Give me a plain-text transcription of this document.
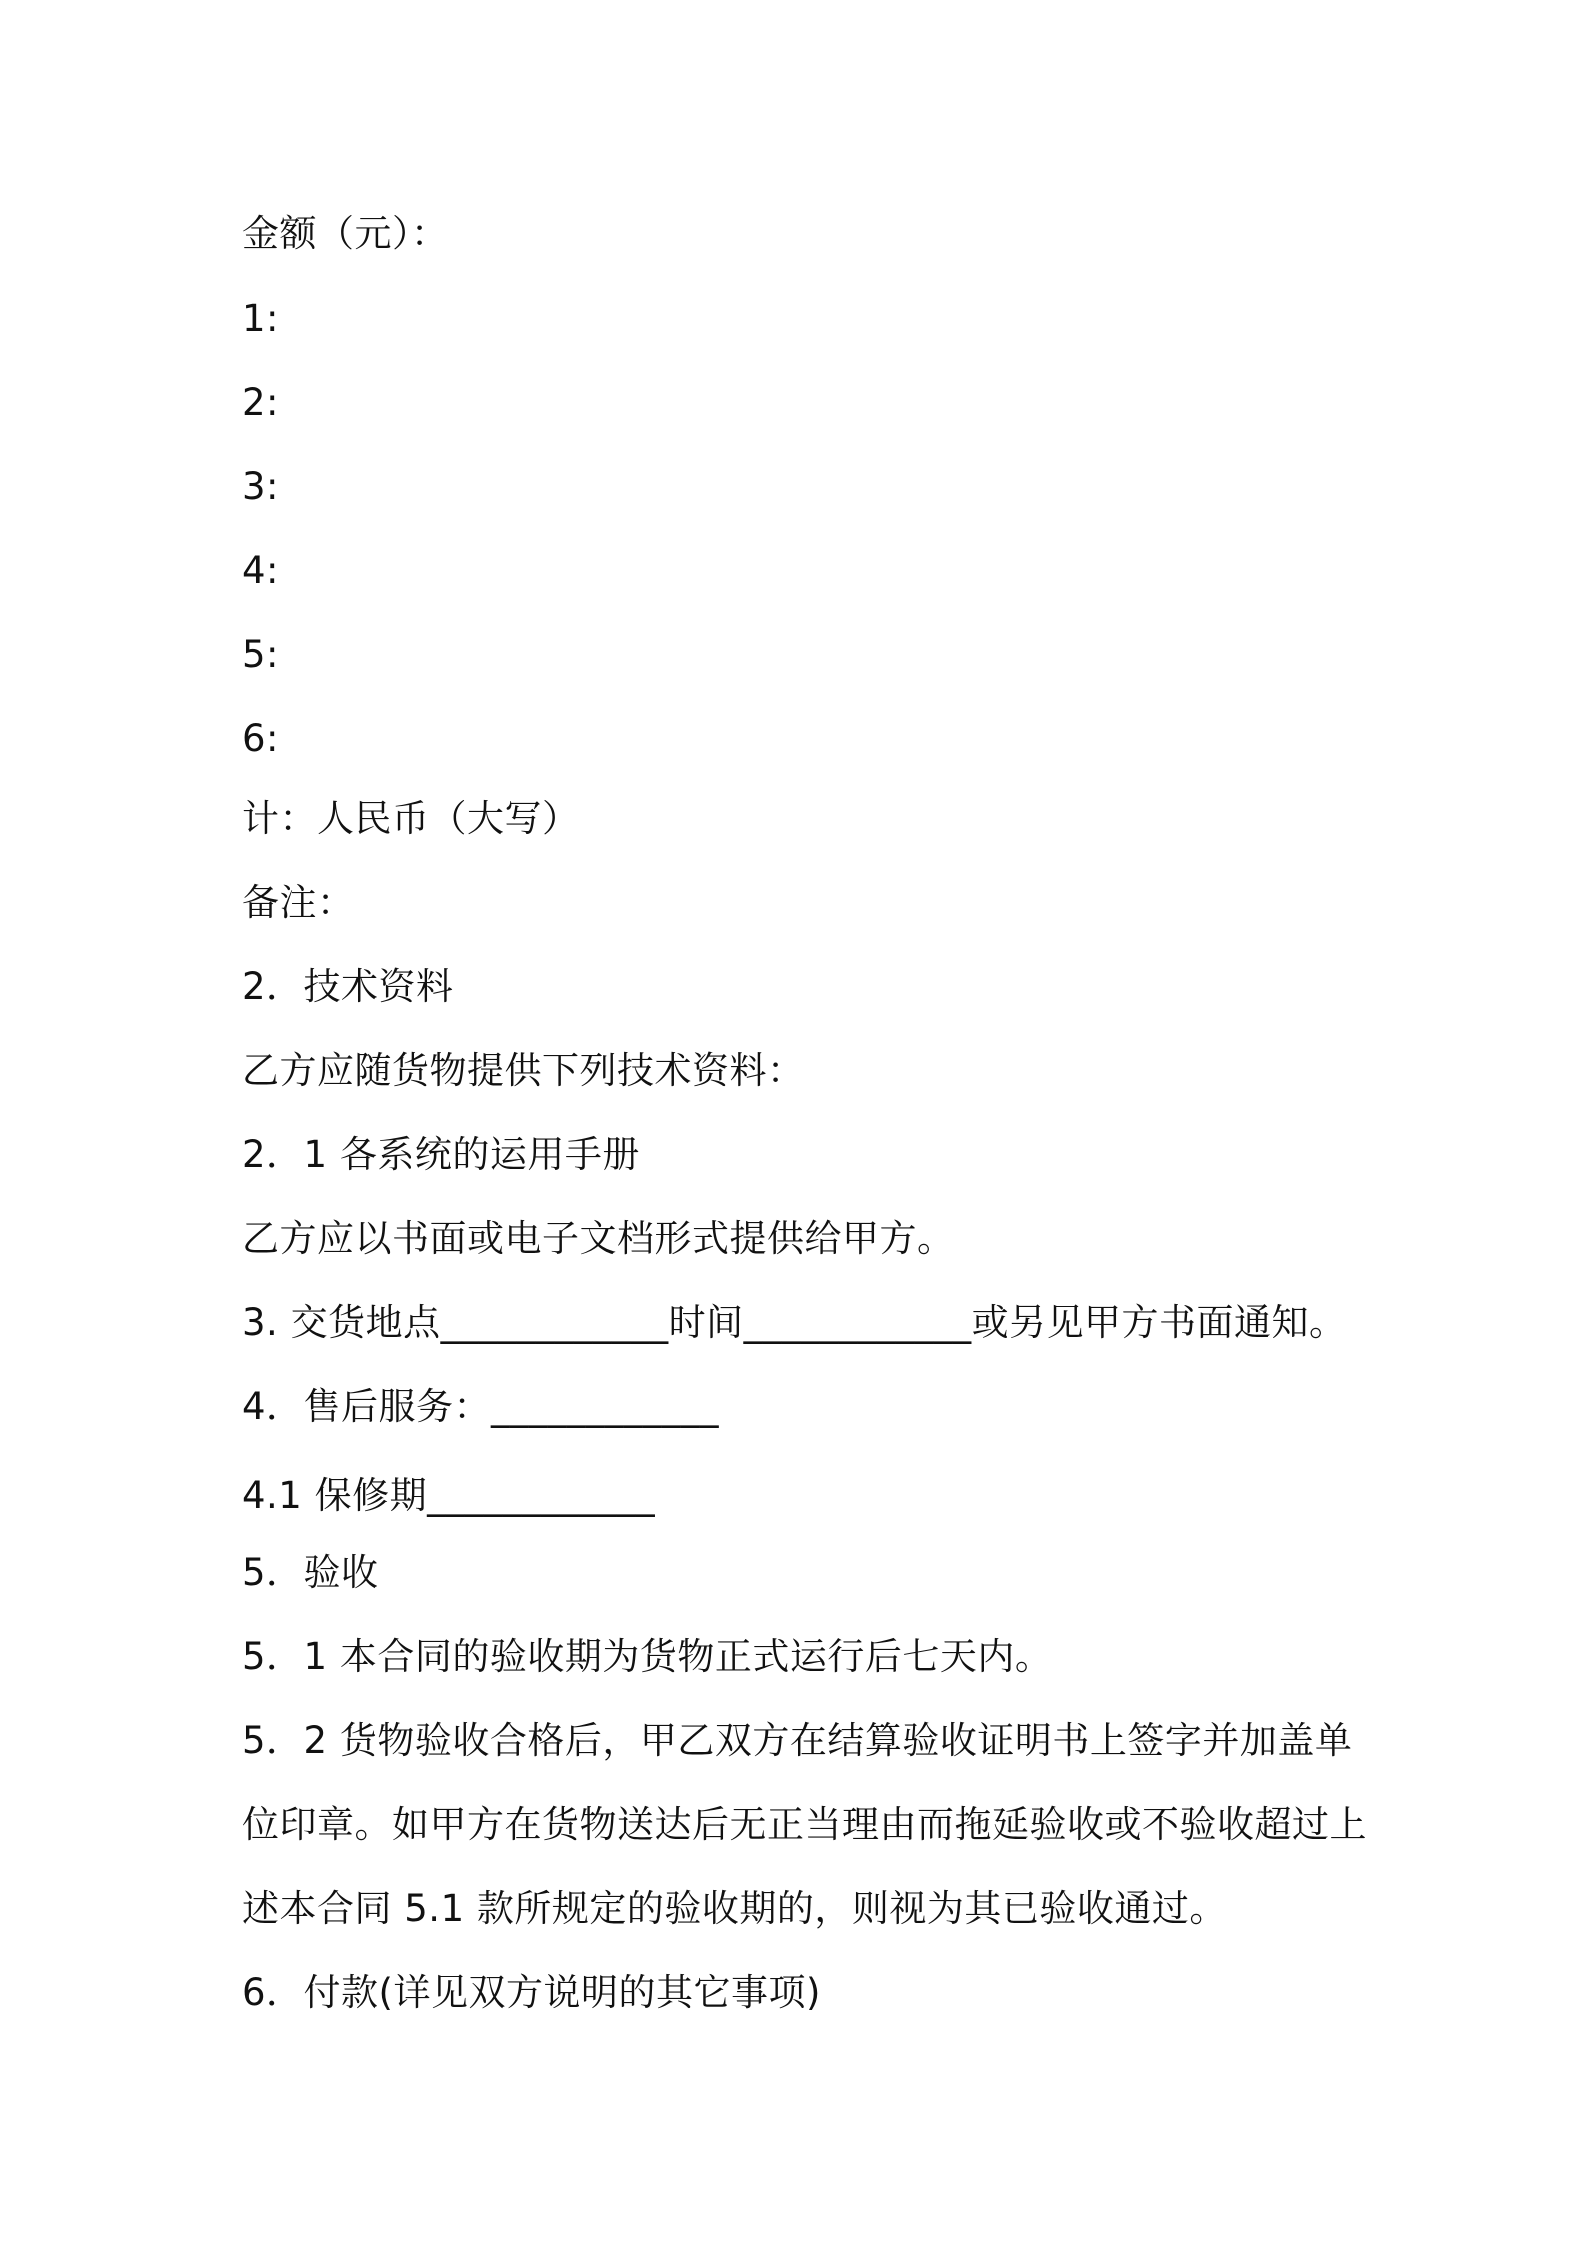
金额（元）：
1:
2:
3:
4:
5:
6:
计：人民币（大写）
备注：
2．技术资料
乙方应随货物提供下列技术资料：
2．1 各系统的运用手册
乙方应以书面或电子文档形式提供给甲方。
3. 交货地点____________时间____________或另见甲方书面通知。
4．售后服务：____________
4.1 保修期____________
5．验收
5．1 本合同的验收期为货物正式运行后七天内。
5．2 货物验收合格后，甲乙双方在结算验收证明书上签字并加盖单
位印章。如甲方在货物送达后无正当理由而拖延验收或不验收超过上
述本合同 5.1 款所规定的验收期的，则视为其已验收通过。
6．付款(详见双方说明的其它事项)
